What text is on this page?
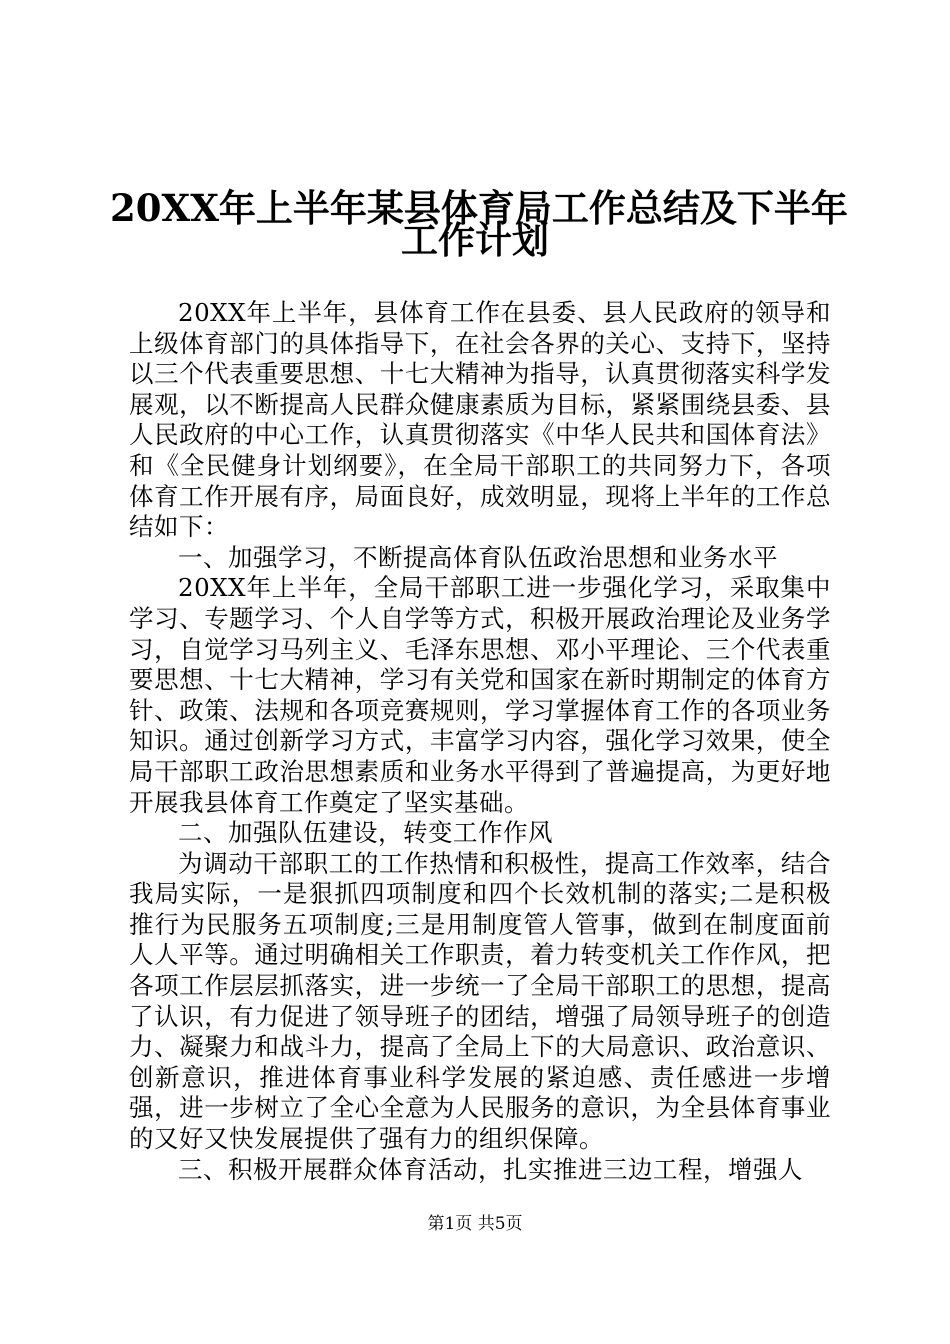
20XX年上半年某县体育局工作总结及下半年
工作计划

20XX年上半年，县体育工作在县委、县人民政府的领导和上级体育部门的具体指导下，在社会各界的关心、支持下，坚持以三个代表重要思想、十七大精神为指导，认真贯彻落实科学发展观，以不断提高人民群众健康素质为目标，紧紧围绕县委、县人民政府的中心工作，认真贯彻落实《中华人民共和国体育法》和《全民健身计划纲要》，在全局干部职工的共同努力下，各项体育工作开展有序，局面良好，成效明显，现将上半年的工作总结如下：

一、加强学习，不断提高体育队伍政治思想和业务水平

20XX年上半年，全局干部职工进一步强化学习，采取集中学习、专题学习、个人自学等方式，积极开展政治理论及业务学习，自觉学习马列主义、毛泽东思想、邓小平理论、三个代表重要思想、十七大精神，学习有关党和国家在新时期制定的体育方针、政策、法规和各项竞赛规则，学习掌握体育工作的各项业务知识。通过创新学习方式，丰富学习内容，强化学习效果，使全局干部职工政治思想素质和业务水平得到了普遍提高，为更好地开展我县体育工作奠定了坚实基础。

二、加强队伍建设，转变工作作风

为调动干部职工的工作热情和积极性，提高工作效率，结合我局实际，一是狠抓四项制度和四个长效机制的落实;二是积极推行为民服务五项制度;三是用制度管人管事，做到在制度面前人人平等。通过明确相关工作职责，着力转变机关工作作风，把各项工作层层抓落实，进一步统一了全局干部职工的思想，提高了认识，有力促进了领导班子的团结，增强了局领导班子的创造力、凝聚力和战斗力，提高了全局上下的大局意识、政治意识、创新意识，推进体育事业科学发展的紧迫感、责任感进一步增强，进一步树立了全心全意为人民服务的意识，为全县体育事业的又好又快发展提供了强有力的组织保障。

三、积极开展群众体育活动，扎实推进三边工程，增强人

第1页 共5页
